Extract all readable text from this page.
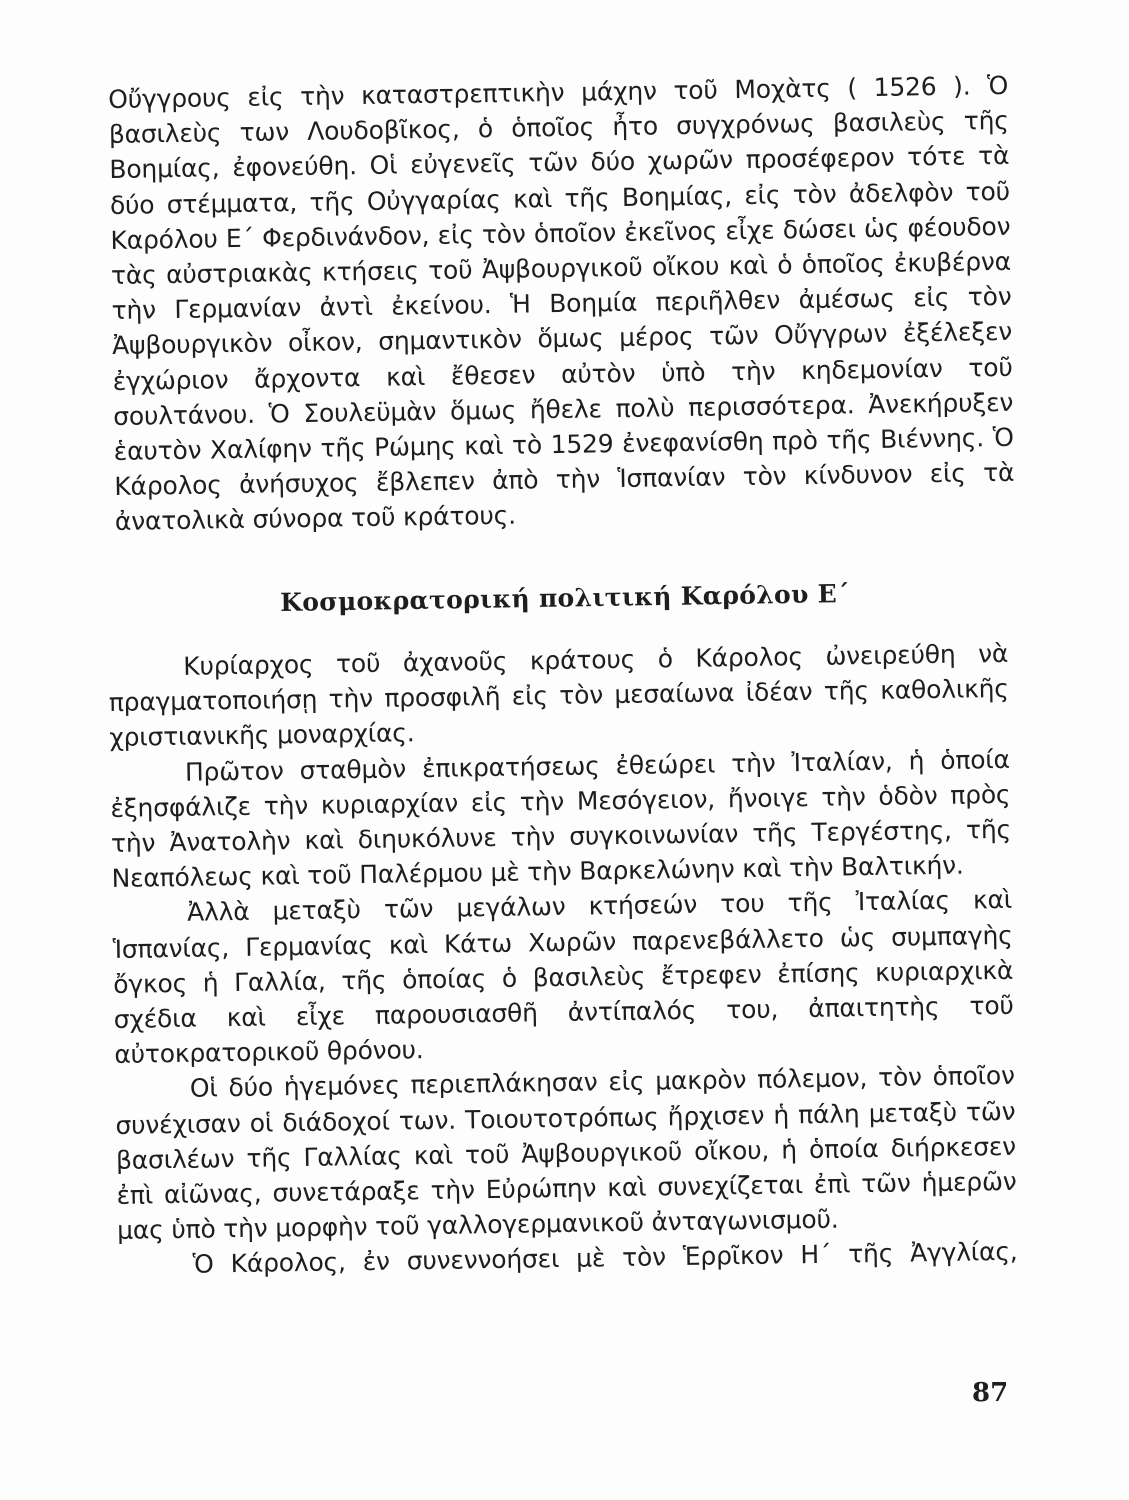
Οὔγγρους εἰς τὴν καταστρεπτικὴν μάχην τοῦ Μοχὰτς ( 1526 ). Ὁ βασιλεὺς των Λουδοβῖκος, ὁ ὁποῖος ἦτο συγχρόνως βασιλεὺς τῆς Βοημίας, ἐφονεύθη. Οἱ εὐγενεῖς τῶν δύο χωρῶν προσέφερον τότε τὰ δύο στέμματα, τῆς Οὐγγαρίας καὶ τῆς Βοημίας, εἰς τὸν ἀδελφὸν τοῦ Καρόλου Ε΄ Φερδινάνδον, εἰς τὸν ὁποῖον ἐκεῖνος εἶχε δώσει ὡς φέουδον τὰς αὐστριακὰς κτήσεις τοῦ Ἀψβουργικοῦ οἴκου καὶ ὁ ὁποῖος ἐκυβέρνα τὴν Γερμανίαν ἀντὶ ἐκείνου. Ἡ Βοημία περιῆλθεν ἀμέσως εἰς τὸν Ἀψβουργικὸν οἶκον, σημαντικὸν ὅμως μέρος τῶν Οὔγγρων ἐξέλεξεν ἐγχώριον ἄρχοντα καὶ ἔθεσεν αὐτὸν ὑπὸ τὴν κηδεμονίαν τοῦ σουλτάνου. Ὁ Σουλεϋμὰν ὅμως ἤθελε πολὺ περισσότερα. Ἀνεκήρυξεν ἑαυτὸν Χαλίφην τῆς Ρώμης καὶ τὸ 1529 ἐνεφανίσθη πρὸ τῆς Βιέννης. Ὁ Κάρολος ἀνήσυχος ἔβλεπεν ἀπὸ τὴν Ἱσπανίαν τὸν κίνδυνον εἰς τὰ ἀνατολικὰ σύνορα τοῦ κράτους.

Κοσμοκρατορική πολιτική Καρόλου Ε΄

Κυρίαρχος τοῦ ἀχανοῦς κράτους ὁ Κάρολος ὠνειρεύθη νὰ πραγματοποιήσῃ τὴν προσφιλῆ εἰς τὸν μεσαίωνα ἰδέαν τῆς καθολικῆς χριστιανικῆς μοναρχίας.

Πρῶτον σταθμὸν ἐπικρατήσεως ἐθεώρει τὴν Ἰταλίαν, ἡ ὁποία ἐξησφάλιζε τὴν κυριαρχίαν εἰς τὴν Μεσόγειον, ἤνοιγε τὴν ὁδὸν πρὸς τὴν Ἀνατολὴν καὶ διηυκόλυνε τὴν συγκοινωνίαν τῆς Τεργέστης, τῆς Νεαπόλεως καὶ τοῦ Παλέρμου μὲ τὴν Βαρκελώνην καὶ τὴν Βαλτικήν.

Ἀλλὰ μεταξὺ τῶν μεγάλων κτήσεών του τῆς Ἰταλίας καὶ Ἱσπανίας, Γερμανίας καὶ Κάτω Χωρῶν παρενεβάλλετο ὡς συμπαγὴς ὄγκος ἡ Γαλλία, τῆς ὁποίας ὁ βασιλεὺς ἔτρεφεν ἐπίσης κυριαρχικὰ σχέδια καὶ εἶχε παρουσιασθῆ ἀντίπαλός του, ἀπαιτητὴς τοῦ αὐτοκρατορικοῦ θρόνου.

Οἱ δύο ἡγεμόνες περιεπλάκησαν εἰς μακρὸν πόλεμον, τὸν ὁποῖον συνέχισαν οἱ διάδοχοί των. Τοιουτοτρόπως ἤρχισεν ἡ πάλη μεταξὺ τῶν βασιλέων τῆς Γαλλίας καὶ τοῦ Ἀψβουργικοῦ οἴκου, ἡ ὁποία διήρκεσεν ἐπὶ αἰῶνας, συνετάραξε τὴν Εὐρώπην καὶ συνεχίζεται ἐπὶ τῶν ἡμερῶν μας ὑπὸ τὴν μορφὴν τοῦ γαλλογερμανικοῦ ἀνταγωνισμοῦ.

Ὁ Κάρολος, ἐν συνεννοήσει μὲ τὸν Ἑρρῖκον Η΄ τῆς Ἀγγλίας,

87
